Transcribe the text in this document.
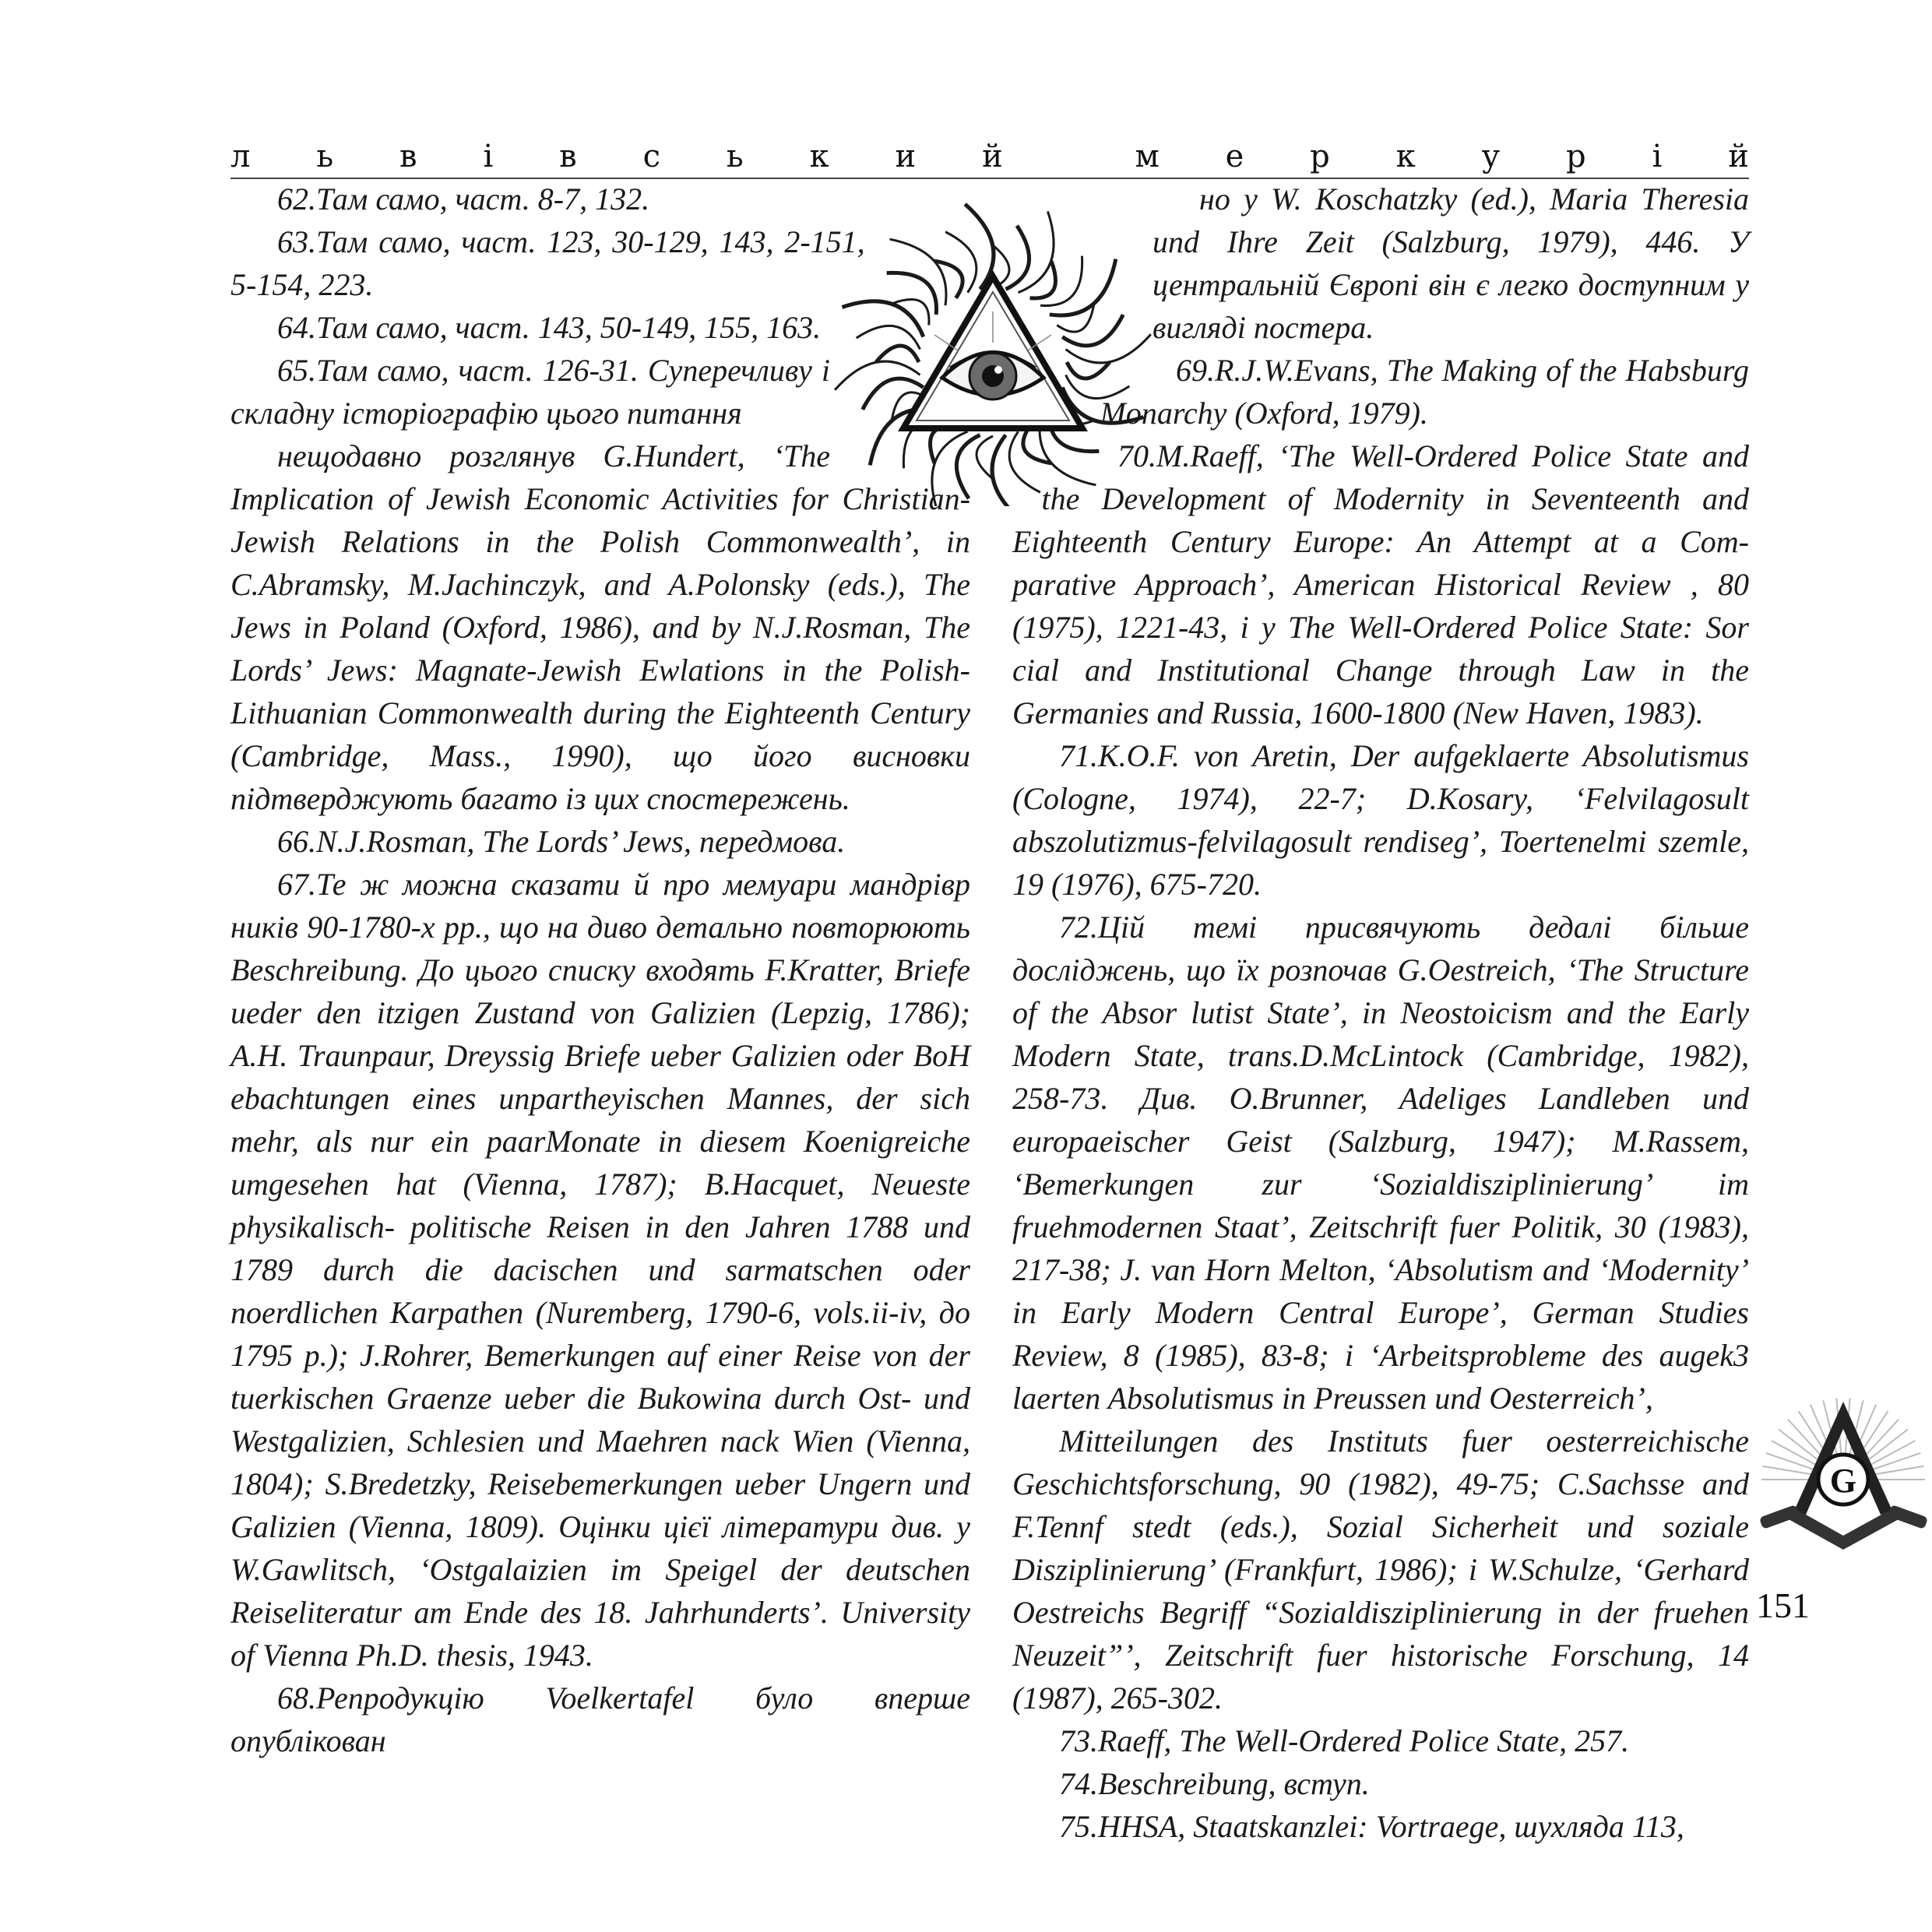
л ь в і в с ь к и й	м е р к у р і й

62.Там само, част. 8-7, 132.

63.Там само, част. 123, 30-129, 143, 2-151, 5-154, 223.

64.Там само, част. 143, 50-149, 155, 163.

65.Там само, част. 126-31. Суперечливу і складну історіографію цього питання

нещодавно розглянув G.Hundert, ‘The Implication of Jewish Economic Activities for Christian-Jewish Relations in the Polish Commonwealth’, in C.Abramsky, M.Jachinczyk, and A.Polonsky (eds.), The Jews in Poland (Oxford, 1986), and by N.J.Rosman, The Lords’ Jews: Magnate-Jewish Ewlations in the Polish-Lithuanian Commonwealth during the Eighteenth Century (Cambridge, Mass., 1990), що його висновки підтверджують багато із цих спостережень.

66.N.J.Rosman, The Lords’ Jews, передмова.

67.Те ж можна сказати й про мемуари мандрівр ників 90-1780-х рр., що на диво детально повторюють Beschreibung. До цього списку входять F.Kratter, Briefe ueder den itzigen Zustand von Galizien (Lepzig, 1786); A.H. Traunpaur, Dreyssig Briefe ueber Galizien oder BoH ebachtungen eines unpartheyischen Mannes, der sich mehr, als nur ein paarMonate in diesem Koenigreiche umgesehen hat (Vienna, 1787); B.Hacquet, Neueste physikalisch- politische Reisen in den Jahren 1788 und 1789 durch die dacischen und sarmatschen oder noerdlichen Karpathen (Nuremberg, 1790-6, vols.ii-iv, до 1795 р.); J.Rohrer, Bemerkungen auf einer Reise von der tuerkischen Graenze ueber die Bukowina durch Ost- und Westgalizien, Schlesien und Maehren nack Wien (Vienna, 1804); S.Bredetzky, Reisebemerkungen ueber Ungern und Galizien (Vienna, 1809). Оцінки цієї літератури див. у W.Gawlitsch, ‘Ostgalaizien im Speigel der deutschen Reiseliteratur am Ende des 18. Jahrhunderts’. University of Vienna Ph.D. thesis, 1943.

68.Репродукцію Voelkertafel було вперше опублікован

но у W. Koschatzky (ed.), Maria Theresia und Ihre Zeit (Salzburg, 1979), 446. У центральній Європі він є легко доступним у вигляді постера.

69.R.J.W.Evans, The Making of the Habsburg Monarchy (Oxford, 1979).

70.M.Raeff, ‘The Well-Ordered Police State and the Development of Modernity in Seventeenth and Eighteenth Century Europe: An Attempt at a Com- parative Approach’, American Historical Review , 80 (1975), 1221-43, і у The Well-Ordered Police State: Sor cial and Institutional Change through Law in the Germanies and Russia, 1600-1800 (New Haven, 1983).

71.K.O.F. von Aretin, Der aufgeklaerte Absolutismus (Cologne, 1974), 22-7; D.Kosary, ‘Felvilagosult abszolutizmus-felvilagosult rendiseg’, Toertenelmi szemle, 19 (1976), 675-720.

72.Цій темі присвячують дедалі більше досліджень, що їх розпочав G.Oestreich, ‘The Structure of the Absor lutist State’, in Neostoicism and the Early Modern State, trans.D.McLintock (Cambridge, 1982), 258-73. Див. O.Brunner, Adeliges Landleben und europaeischer Geist (Salzburg, 1947); M.Rassem, ‘Bemerkungen zur ‘Sozialdisziplinierung’ im fruehmodernen Staat’, Zeitschrift fuer Politik, 30 (1983), 217-38; J. van Horn Melton, ‘Absolutism and ‘Modernity’ in Early Modern Central Europe’, German Studies Review, 8 (1985), 83-8; і ‘Arbeitsprobleme des augek3 laerten Absolutismus in Preussen und Oesterreich’,

Mitteilungen des Instituts fuer oesterreichische Geschichtsforschung, 90 (1982), 49-75; C.Sachsse and F.Tennf stedt (eds.), Sozial Sicherheit und soziale Disziplinierung’ (Frankfurt, 1986); і W.Schulze, ‘Gerhard Oestreichs Begriff “Sozialdisziplinierung in der fruehen Neuzeit”’, Zeitschrift fuer historische Forschung, 14 (1987), 265-302.

73.Raeff, The Well-Ordered Police State, 257.

74.Beschreibung, вступ.

75.HHSA, Staatskanzlei: Vortraege, шухляда 113,

G
151
